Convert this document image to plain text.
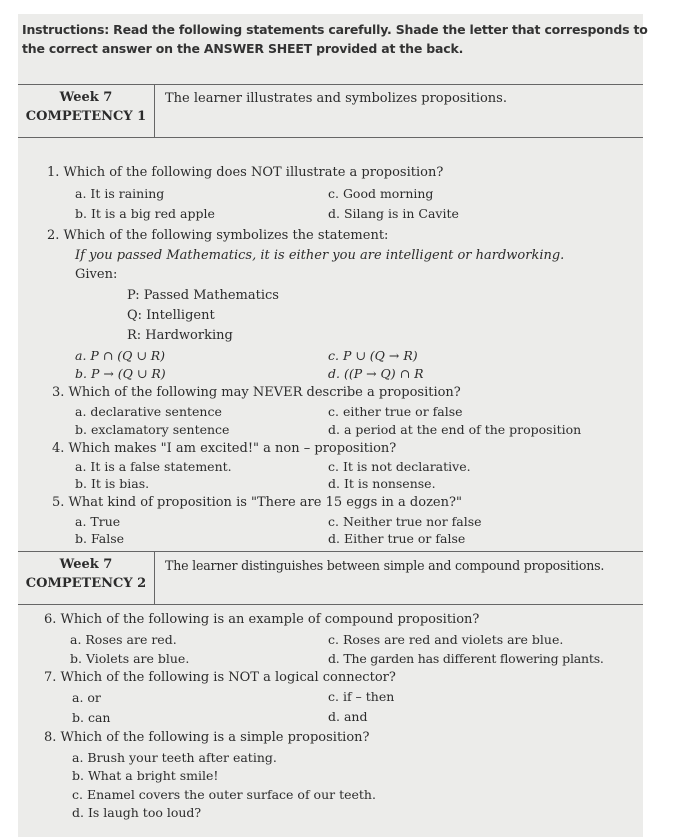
Instructions: Read the following statements carefully. Shade the letter that corresponds to the correct answer on the ANSWER SHEET provided at the back.
Week 7
COMPETENCY 1
The learner illustrates and symbolizes propositions.
1. Which of the following does NOT illustrate a proposition?
a. It is raining
b. It is a big red apple
c. Good morning
d. Silang is in Cavite
2. Which of the following symbolizes the statement:
If you passed Mathematics, it is either you are intelligent or hardworking.
Given:
P: Passed Mathematics
Q: Intelligent
R: Hardworking
a. P ∩ (Q ∪ R)
b. P → (Q ∪ R)
c. P ∪ (Q → R)
d. ((P → Q) ∩ R
3. Which of the following may NEVER describe a proposition?
a. declarative sentence
b. exclamatory sentence
c. either true or false
d. a period at the end of the proposition
4. Which makes "I am excited!" a non – proposition?
a. It is a false statement.
b. It is bias.
c. It is not declarative.
d. It is nonsense.
5. What kind of proposition is "There are 15 eggs in a dozen?"
a. True
b. False
c. Neither true nor false
d. Either true or false
Week 7
COMPETENCY 2
The learner distinguishes between simple and compound propositions.
6. Which of the following is an example of compound proposition?
a. Roses are red.
b. Violets are blue.
c. Roses are red and violets are blue.
d. The garden has different flowering plants.
7. Which of the following is NOT a logical connector?
a. or
b. can
c. if – then
d. and
8. Which of the following is a simple proposition?
a. Brush your teeth after eating.
b. What a bright smile!
c. Enamel covers the outer surface of our teeth.
d. Is laugh too loud?
